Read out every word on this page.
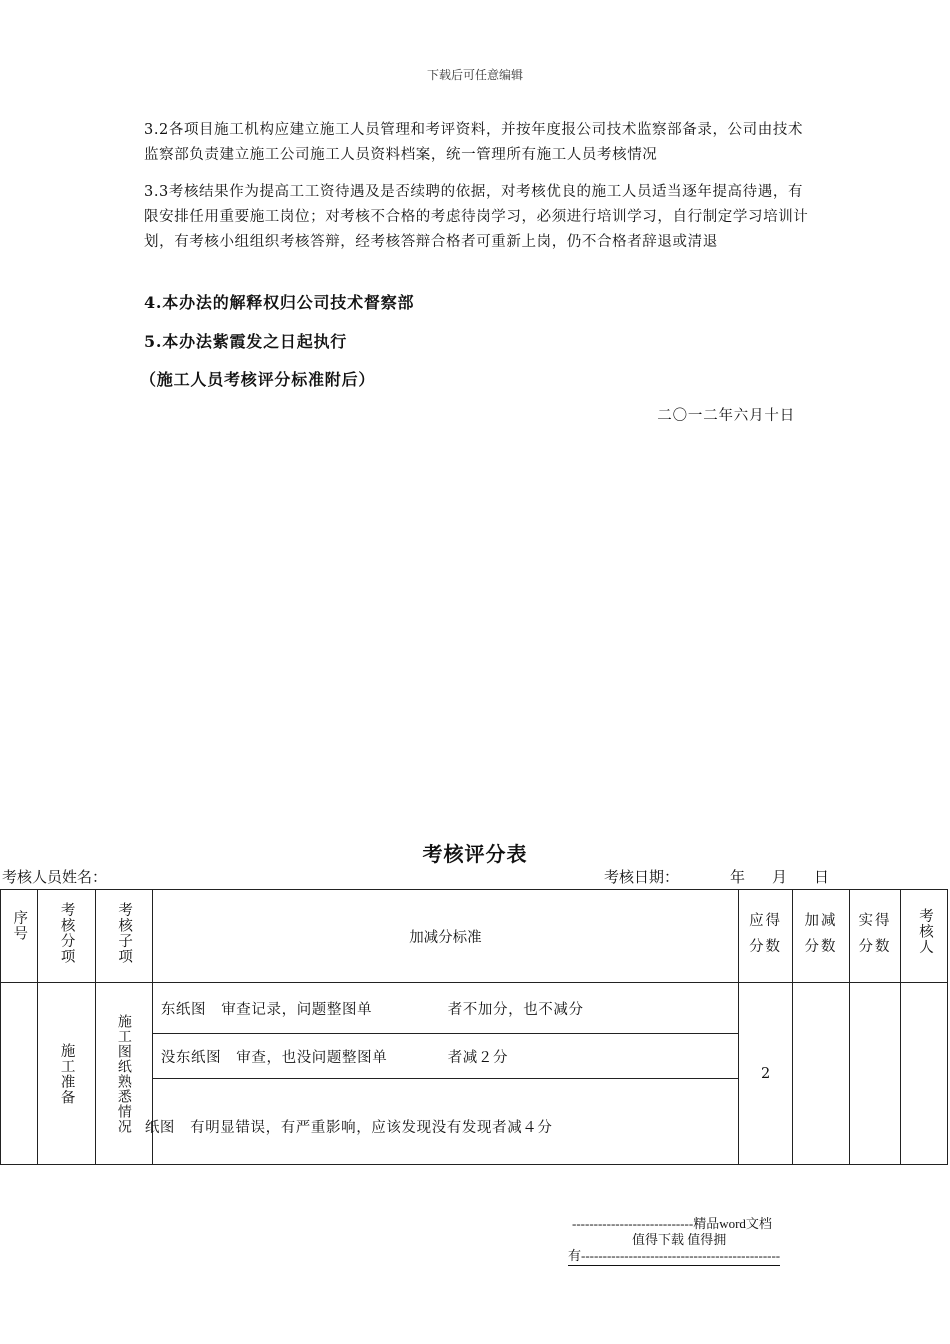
下载后可任意编辑
3.2各项目施工机构应建立施工人员管理和考评资料，并按年度报公司技术监察部备录，公司由技术监察部负责建立施工公司施工人员资料档案，统一管理所有施工人员考核情况
3.3考核结果作为提高工工资待遇及是否续聘的依据，对考核优良的施工人员适当逐年提高待遇，有限安排任用重要施工岗位；对考核不合格的考虑待岗学习，必须进行培训学习，自行制定学习培训计划，有考核小组组织考核答辩，经考核答辩合格者可重新上岗，仍不合格者辞退或清退
4.本办法的解释权归公司技术督察部
5.本办法紫霞发之日起执行
（施工人员考核评分标准附后）
二〇一二年六月十日
考核评分表
考核人员姓名：	考核日期：	年 月 日
序号	考核分项	考核子项	加减分标准	应得分数	加减分数	实得分数	考核人

	施工准备	施工图纸熟悉情况	东纸图　审查记录，问题整图单　　　　　者不加分，也不减分	2			
			没东纸图　审查，也没问题整图单　　　　者减２分				
			纸图　有明显错误，有严重影响，应该发现没有发现者减４分				
----------------------------精品word文档
值得下载 值得拥
有----------------------------------------------
